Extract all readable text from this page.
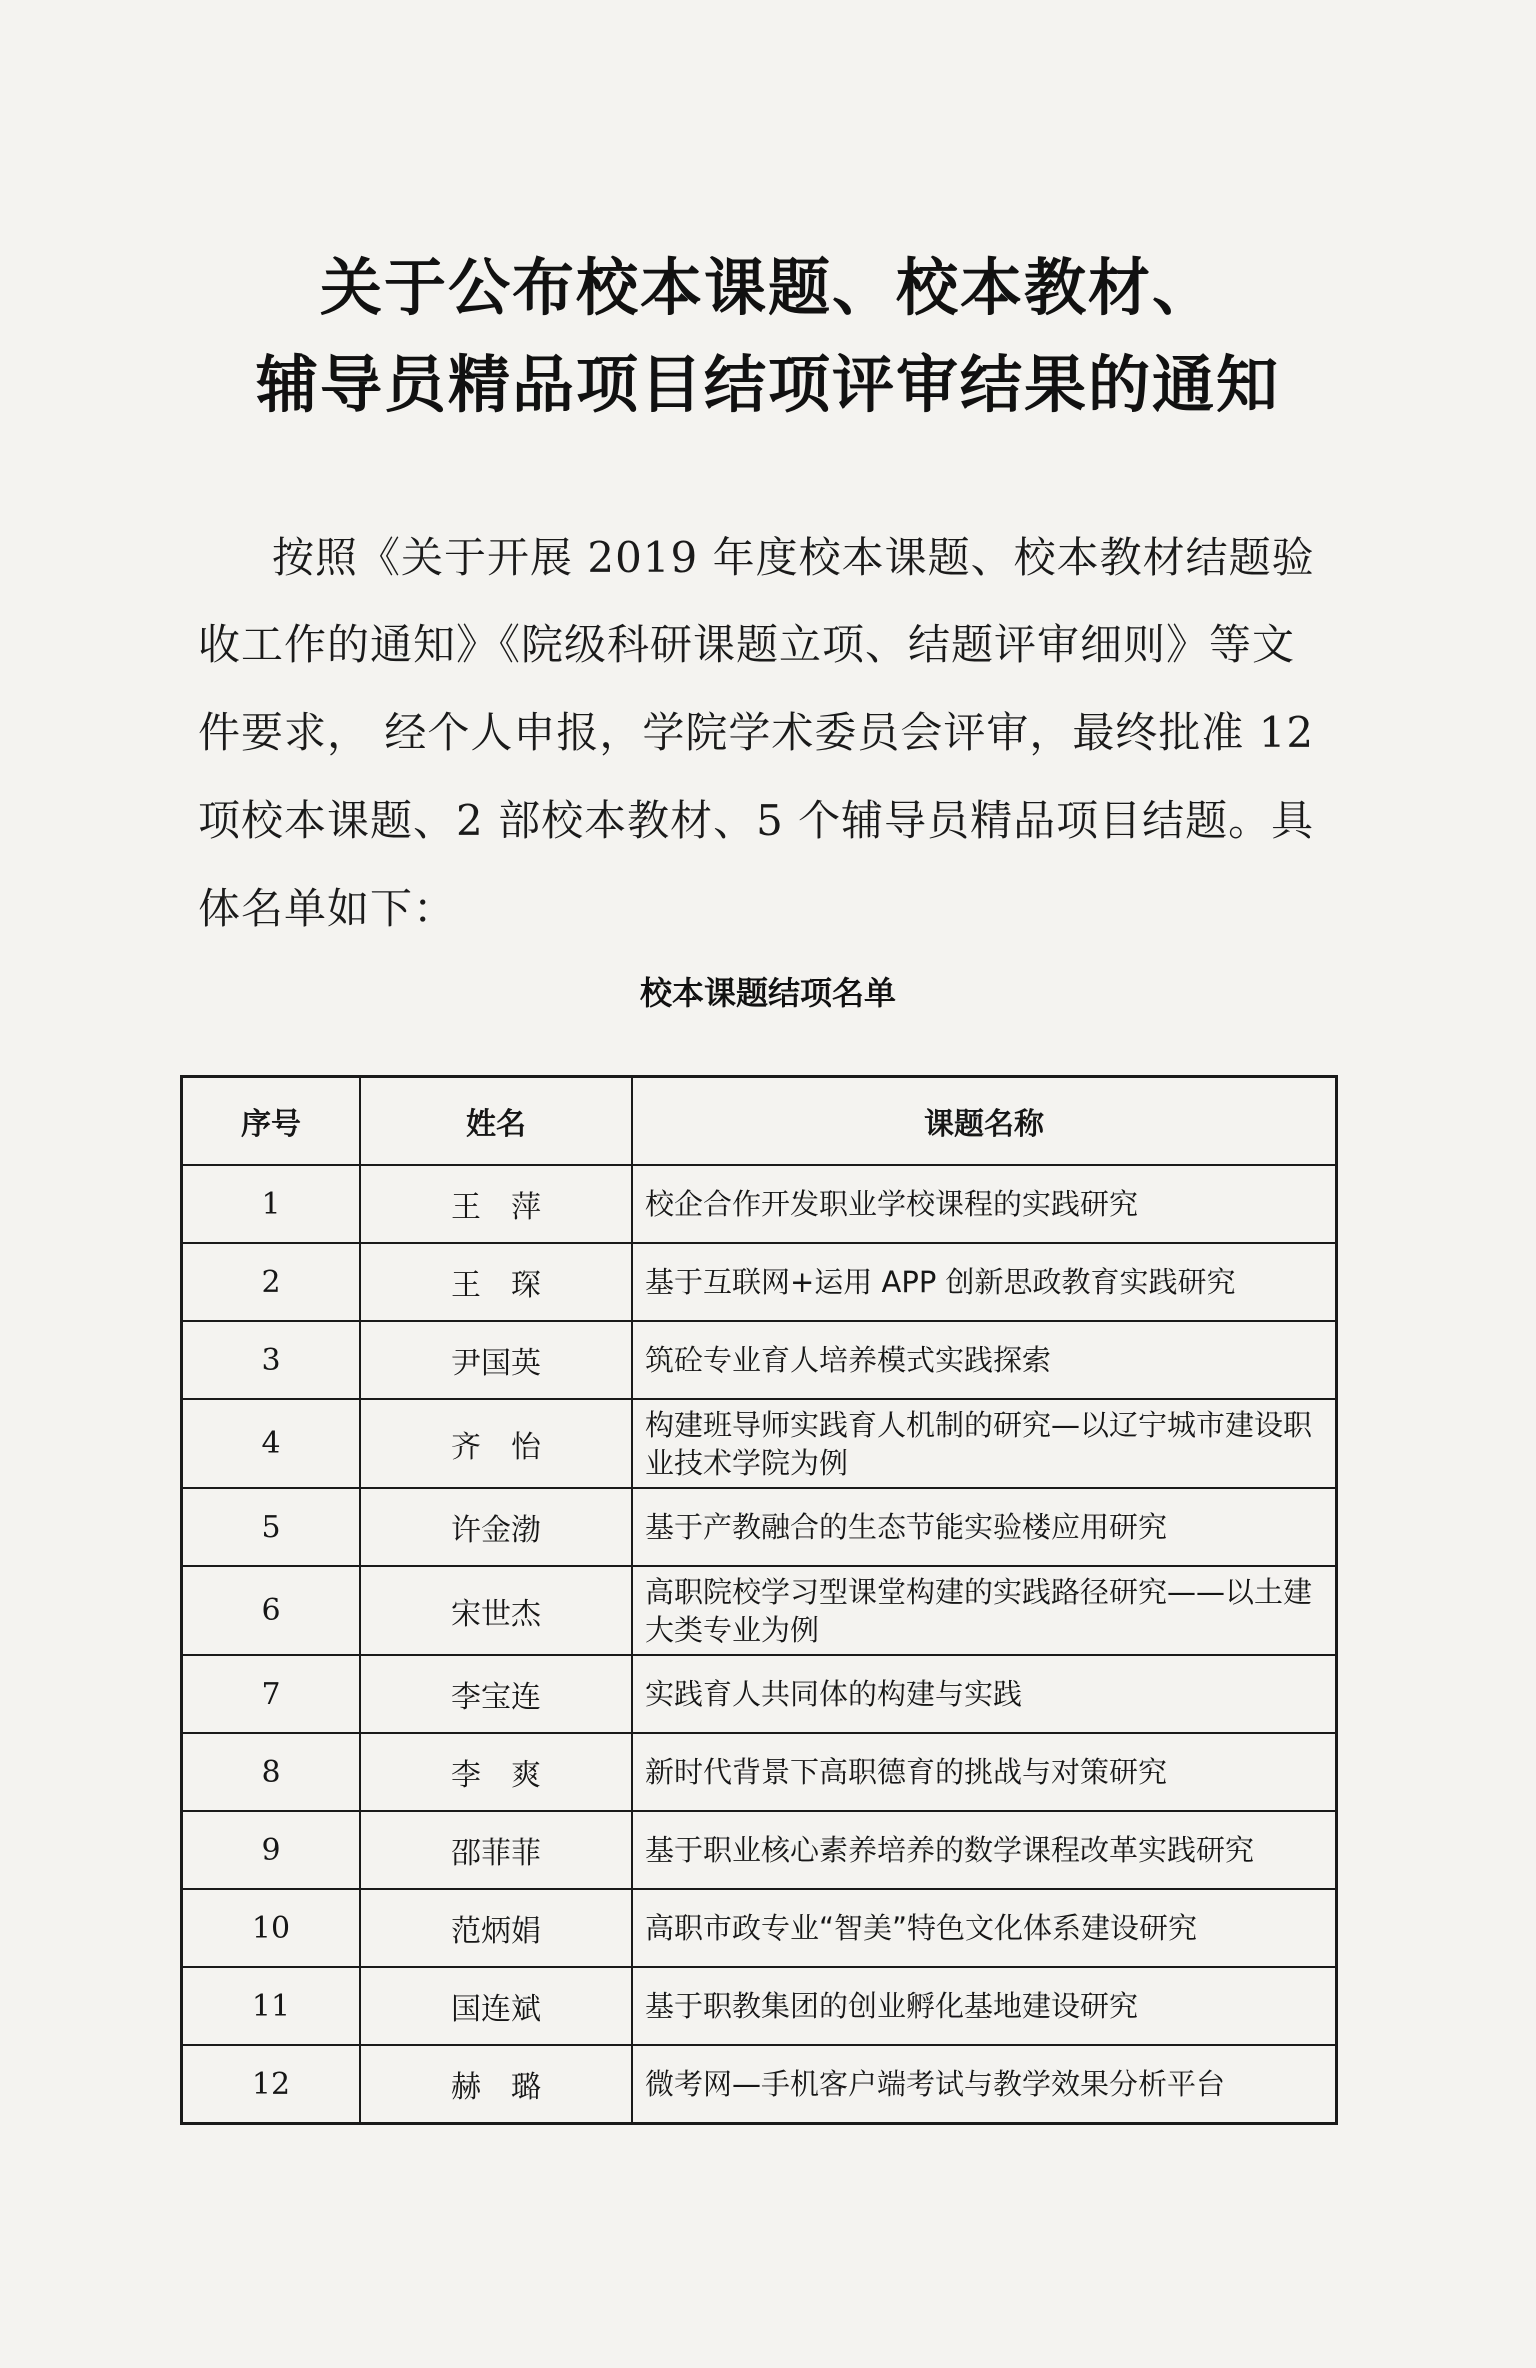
关于公布校本课题、校本教材、
辅导员精品项目结项评审结果的通知
按照《关于开展 2019 年度校本课题、校本教材结题验
收工作的通知》《院级科研课题立项、结题评审细则》等文
件要求， 经个人申报，学院学术委员会评审，最终批准 12
项校本课题、2 部校本教材、5 个辅导员精品项目结题。具
体名单如下：
校本课题结项名单
序号	姓名	课题名称
1	王　萍	校企合作开发职业学校课程的实践研究
2	王　琛	基于互联网+运用 APP 创新思政教育实践研究
3	尹国英	筑砼专业育人培养模式实践探索
4	齐　怡	构建班导师实践育人机制的研究—以辽宁城市建设职业技术学院为例
5	许金渤	基于产教融合的生态节能实验楼应用研究
6	宋世杰	高职院校学习型课堂构建的实践路径研究——以土建大类专业为例
7	李宝连	实践育人共同体的构建与实践
8	李　爽	新时代背景下高职德育的挑战与对策研究
9	邵菲菲	基于职业核心素养培养的数学课程改革实践研究
10	范炳娟	高职市政专业“智美”特色文化体系建设研究
11	国连斌	基于职教集团的创业孵化基地建设研究
12	赫　璐	微考网—手机客户端考试与教学效果分析平台
